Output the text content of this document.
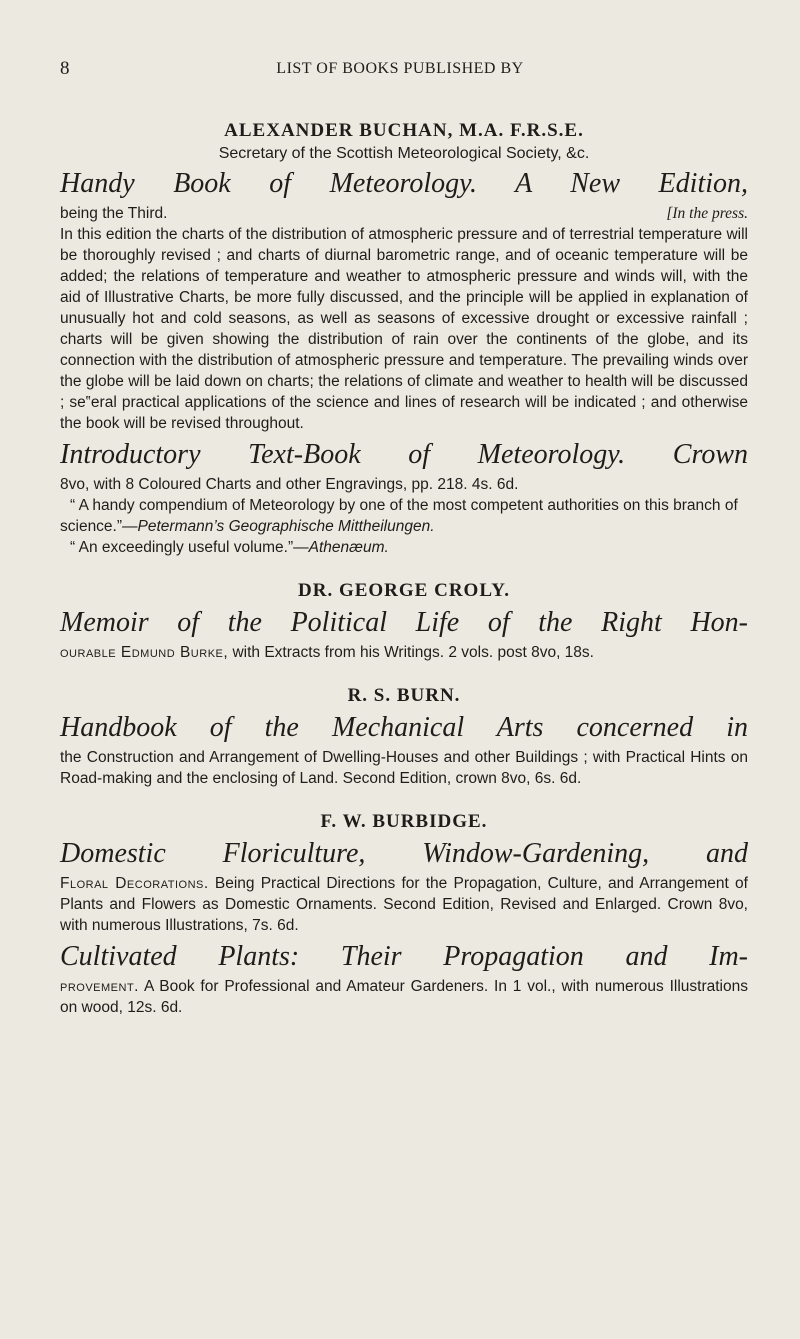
8	LIST OF BOOKS PUBLISHED BY

ALEXANDER BUCHAN, M.A. F.R.S.E.

Secretary of the Scottish Meteorological Society, &c.

Handy Book of Meteorology. A New Edition,
being the Third.	[In the press.

In this edition the charts of the distribution of atmospheric pressure and of terrestrial temperature will be thoroughly revised ; and charts of diurnal barometric range, and of oceanic temperature will be added; the relations of temperature and weather to atmospheric pressure and winds will, with the aid of Illustrative Charts, be more fully discussed, and the principle will be applied in explanation of unusually hot and cold seasons, as well as seasons of excessive drought or excessive rainfall ; charts will be given showing the distribution of rain over the continents of the globe, and its connection with the distribution of atmospheric pressure and temperature. The prevailing winds over the globe will be laid down on charts; the relations of climate and weather to health will be discussed ; se‟eral practical applications of the science and lines of research will be indicated ; and otherwise the book will be revised throughout.

Introductory Text-Book of Meteorology. Crown

8vo, with 8 Coloured Charts and other Engravings, pp. 218. 4s. 6d.

“ A handy compendium of Meteorology by one of the most competent authorities on this branch of science.”—Petermann’s Geographische Mittheilungen.

“ An exceedingly useful volume.”—Athenæum.

DR. GEORGE CROLY.

Memoir of the Political Life of the Right Hon-

ourable Edmund Burke, with Extracts from his Writings. 2 vols. post 8vo, 18s.

R. S. BURN.

Handbook of the Mechanical Arts concerned in

the Construction and Arrangement of Dwelling-Houses and other Buildings ; with Practical Hints on Road-making and the enclosing of Land. Second Edition, crown 8vo, 6s. 6d.

F. W. BURBIDGE.

Domestic Floriculture, Window-Gardening, and

Floral Decorations. Being Practical Directions for the Propagation, Culture, and Arrangement of Plants and Flowers as Domestic Ornaments. Second Edition, Revised and Enlarged. Crown 8vo, with numerous Illustrations, 7s. 6d.

Cultivated Plants: Their Propagation and Im-

provement. A Book for Professional and Amateur Gardeners. In 1 vol., with numerous Illustrations on wood, 12s. 6d.
